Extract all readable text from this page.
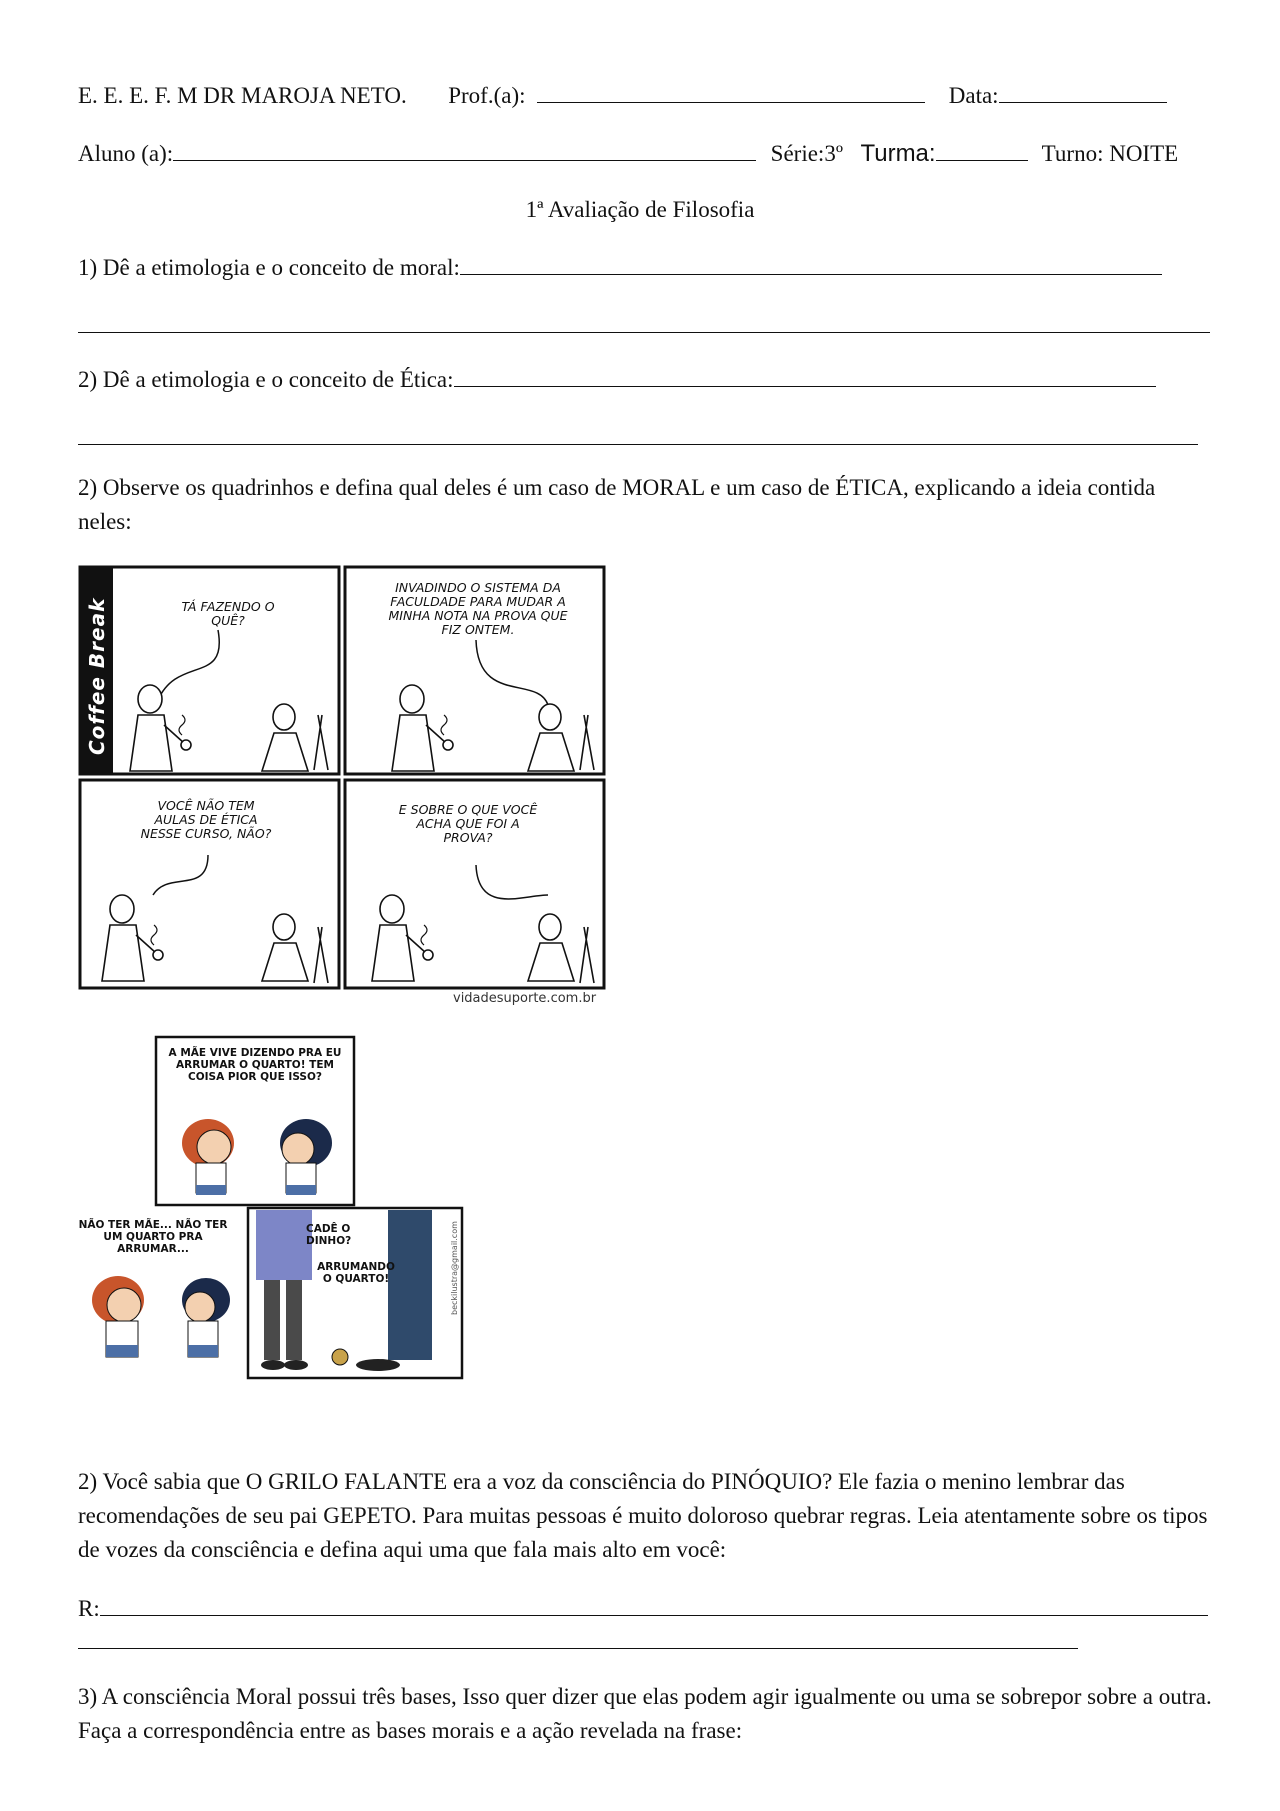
E. E. E. F. M DR MAROJA NETO. Prof.(a):	Data:
Aluno (a):	Série:3º Turma:	Turno: NOITE
1ª Avaliação de Filosofia
1) Dê a etimologia e o conceito de moral:
2) Dê a etimologia e o conceito de Ética:
2) Observe os quadrinhos e defina qual deles é um caso de MORAL e um caso de ÉTICA, explicando a ideia contida neles:
Coffee Break	TÁ FAZENDO O QUÊ?
INVADINDO O SISTEMA DA FACULDADE PARA MUDAR A MINHA NOTA NA PROVA QUE FIZ ONTEM.
VOCÊ NÃO TEM AULAS DE ÉTICA NESSE CURSO, NÃO?
E SOBRE O QUE VOCÊ ACHA QUE FOI A PROVA?
vidadesuporte.com.br
A MÃE VIVE DIZENDO PRA EU ARRUMAR O QUARTO! TEM COISA PIOR QUE ISSO?
NÃO TER MÃE... NÃO TER UM QUARTO PRA ARRUMAR...
CADÊ O DINHO?
ARRUMANDO O QUARTO!	beckilustra@gmail.com
2) Você sabia que O GRILO FALANTE era a voz da consciência do PINÓQUIO? Ele fazia o menino lembrar das recomendações de seu pai GEPETO. Para muitas pessoas é muito doloroso quebrar regras. Leia atentamente sobre os tipos de vozes da consciência e defina aqui uma que fala mais alto em você:
R:
3) A consciência Moral possui três bases, Isso quer dizer que elas podem agir igualmente ou uma se sobrepor sobre a outra. Faça a correspondência entre as bases morais e a ação revelada na frase:
